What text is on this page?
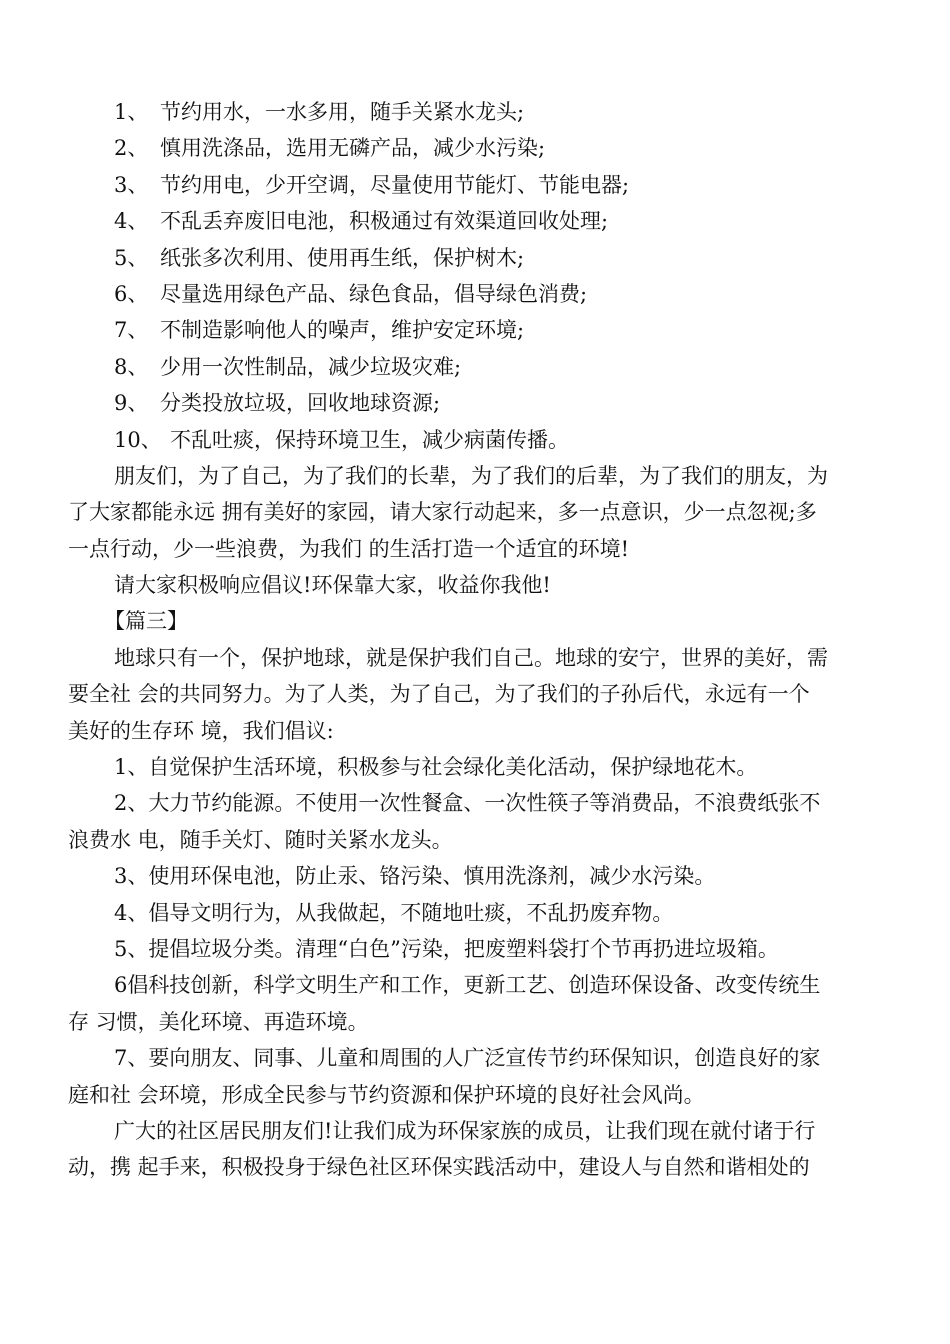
1、 节约用水，一水多用，随手关紧水龙头;
2、 慎用洗涤品，选用无磷产品，减少水污染;
3、 节约用电，少开空调，尽量使用节能灯、节能电器;
4、 不乱丢弃废旧电池，积极通过有效渠道回收处理;
5、 纸张多次利用、使用再生纸，保护树木;
6、 尽量选用绿色产品、绿色食品，倡导绿色消费;
7、 不制造影响他人的噪声，维护安定环境;
8、 少用一次性制品，减少垃圾灾难;
9、 分类投放垃圾，回收地球资源;
10、 不乱吐痰，保持环境卫生，减少病菌传播。
朋友们，为了自己，为了我们的长辈，为了我们的后辈，为了我们的朋友，为
了大家都能永远 拥有美好的家园，请大家行动起来，多一点意识，少一点忽视;多
一点行动，少一些浪费，为我们 的生活打造一个适宜的环境!
请大家积极响应倡议!环保靠大家，收益你我他!
【篇三】
地球只有一个，保护地球，就是保护我们自己。地球的安宁，世界的美好，需
要全社 会的共同努力。为了人类，为了自己，为了我们的子孙后代，永远有一个
美好的生存环 境，我们倡议:
1、自觉保护生活环境，积极参与社会绿化美化活动，保护绿地花木。
2、大力节约能源。不使用一次性餐盒、一次性筷子等消费品，不浪费纸张不
浪费水 电，随手关灯、随时关紧水龙头。
3、使用环保电池，防止汞、铬污染、慎用洗涤剂，减少水污染。
4、倡导文明行为，从我做起，不随地吐痰，不乱扔废弃物。
5、提倡垃圾分类。清理“白色”污染，把废塑料袋打个节再扔进垃圾箱。
6倡科技创新，科学文明生产和工作，更新工艺、创造环保设备、改变传统生
存 习惯，美化环境、再造环境。
7、要向朋友、同事、儿童和周围的人广泛宣传节约环保知识，创造良好的家
庭和社 会环境，形成全民参与节约资源和保护环境的良好社会风尚。
广大的社区居民朋友们!让我们成为环保家族的成员，让我们现在就付诸于行
动，携 起手来，积极投身于绿色社区环保实践活动中，建设人与自然和谐相处的
